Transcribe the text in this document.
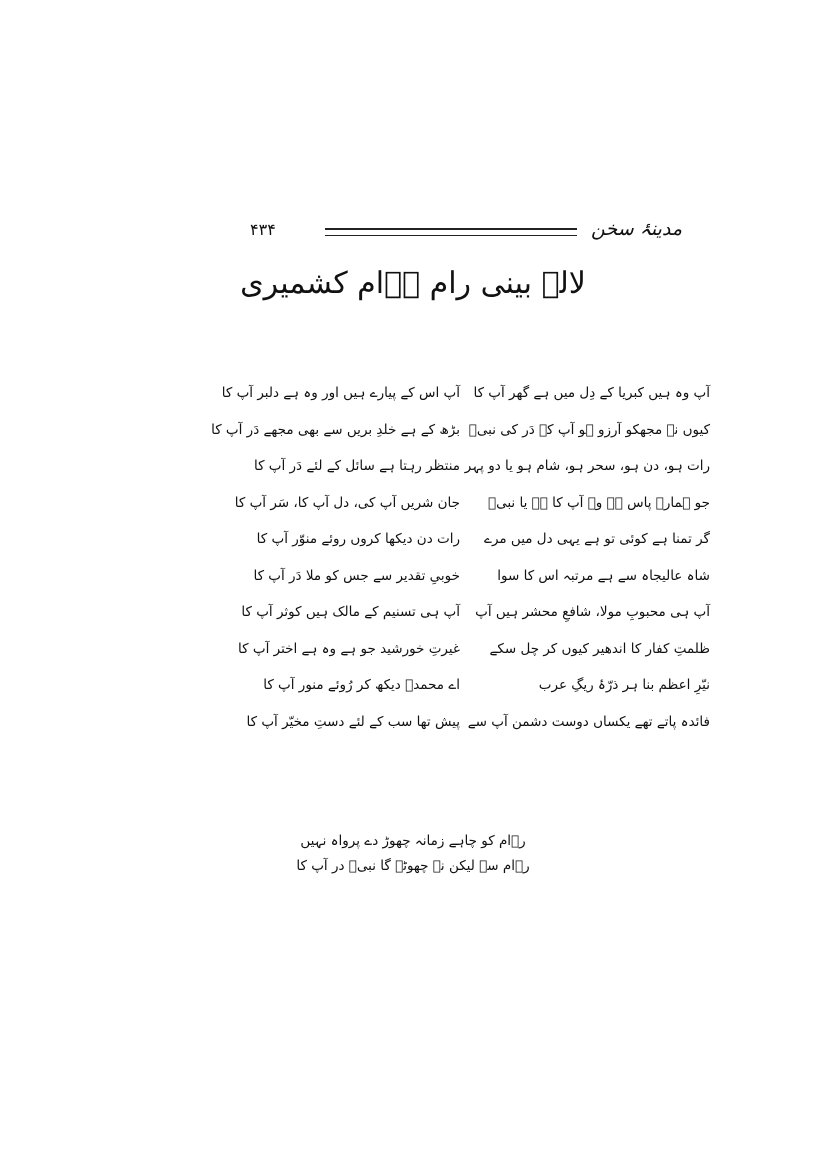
۴۳۴	مدینۂ سخن
لالہ بینی رام رؔام کشمیری
آپ وہ ہیں کبریا کے دِل میں ہے گھر آپ کا
آپ اس کے پیارے ہیں اور وہ ہے دلبر آپ کا
کیوں نہ مجھکو آرزو ہو آپ کے دَر کی نبیؐ
بڑھ کے ہے خلدِ بریں سے بھی مجھے دَر آپ کا
رات ہو، دن ہو، سحر ہو، شام ہو یا دو پہر
منتظر رہتا ہے سائل کے لئے دَر آپ کا
جو ہمارے پاس ہے وہ آپ کا ہے یا نبیؐ
جان شریں آپ کی، دل آپ کا، سَر آپ کا
گر تمنا ہے کوئی تو ہے یہی دل میں مرے
رات دن دیکھا کروں روئے منوّر آپ کا
شاہ عالیجاہ سے ہے مرتبہ اس کا سوا
خوبیِ تقدیر سے جس کو ملا دَر آپ کا
آپ ہی محبوبِ مولا، شافعِ محشر ہیں آپ
آپ ہی تسنیم کے مالک ہیں کوثر آپ کا
ظلمتِ کفار کا اندھیر کیوں کر چل سکے
غیرتِ خورشید جو ہے وہ ہے اختر آپ کا
نیّرِ اعظم بنا ہر ذرّۂ ریگِ عرب
اے محمدؐ دیکھ کر رُوئے منور آپ کا
فائدہ پاتے تھے یکساں دوست دشمن آپ سے
پیش تھا سب کے لئے دستِ مخیّر آپ کا
رؔام کو چاہے زمانہ چھوڑ دے پرواہ نہیں
رؔام سے لیکن نہ چھوٹے گا نبیؐ در آپ کا
